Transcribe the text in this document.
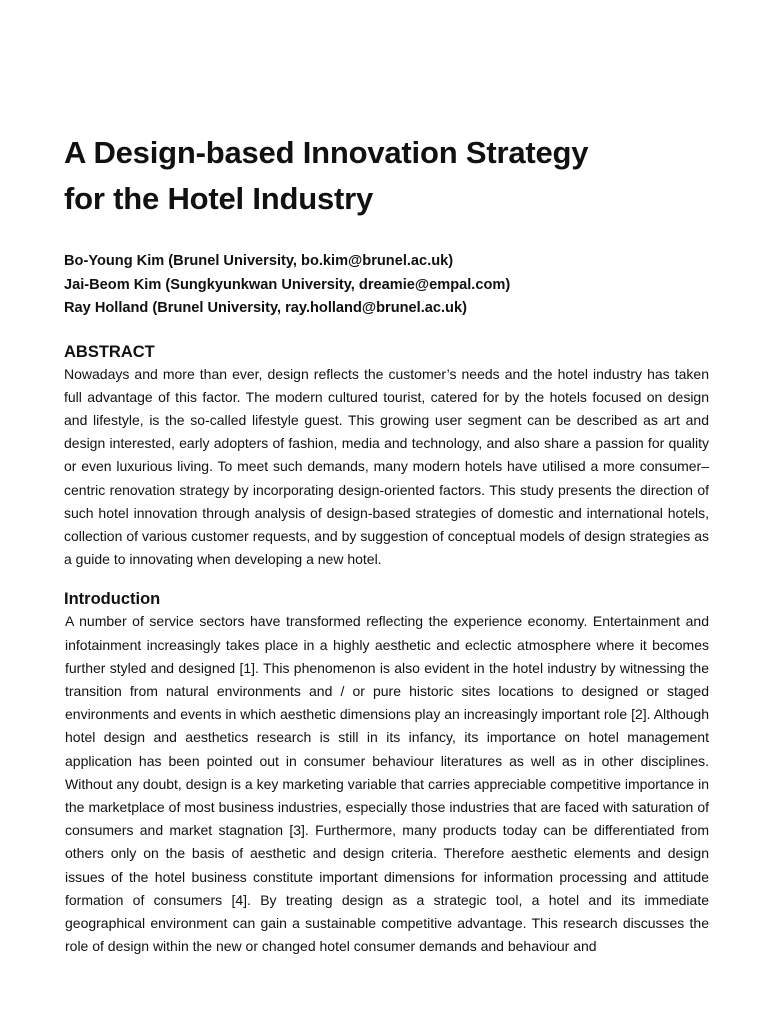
A Design-based Innovation Strategy
for the Hotel Industry
Bo-Young Kim (Brunel University, bo.kim@brunel.ac.uk)
Jai-Beom Kim (Sungkyunkwan University, dreamie@empal.com)
Ray Holland (Brunel University, ray.holland@brunel.ac.uk)
ABSTRACT

Nowadays and more than ever, design reflects the customer’s needs and the hotel industry has taken full advantage of this factor. The modern cultured tourist, catered for by the hotels focused on design and lifestyle, is the so-called lifestyle guest. This growing user segment can be described as art and design interested, early adopters of fashion, media and technology, and also share a passion for quality or even luxurious living. To meet such demands, many modern hotels have utilised a more consumer–centric renovation strategy by incorporating design-oriented factors. This study presents the direction of such hotel innovation through analysis of design-based strategies of domestic and international hotels, collection of various customer requests, and by suggestion of conceptual models of design strategies as a guide to innovating when developing a new hotel.

Introduction

A number of service sectors have transformed reflecting the experience economy. Entertainment and infotainment increasingly takes place in a highly aesthetic and eclectic atmosphere where it becomes further styled and designed [1]. This phenomenon is also evident in the hotel industry by witnessing the transition from natural environments and / or pure historic sites locations to designed or staged environments and events in which aesthetic dimensions play an increasingly important role [2]. Although hotel design and aesthetics research is still in its infancy, its importance on hotel management application has been pointed out in consumer behaviour literatures as well as in other disciplines. Without any doubt, design is a key marketing variable that carries appreciable competitive importance in the marketplace of most business industries, especially those industries that are faced with saturation of consumers and market stagnation [3]. Furthermore, many products today can be differentiated from others only on the basis of aesthetic and design criteria. Therefore aesthetic elements and design issues of the hotel business constitute important dimensions for information processing and attitude formation of consumers [4]. By treating design as a strategic tool, a hotel and its immediate geographical environment can gain a sustainable competitive advantage. This research discusses the role of design within the new or changed hotel consumer demands and behaviour and
